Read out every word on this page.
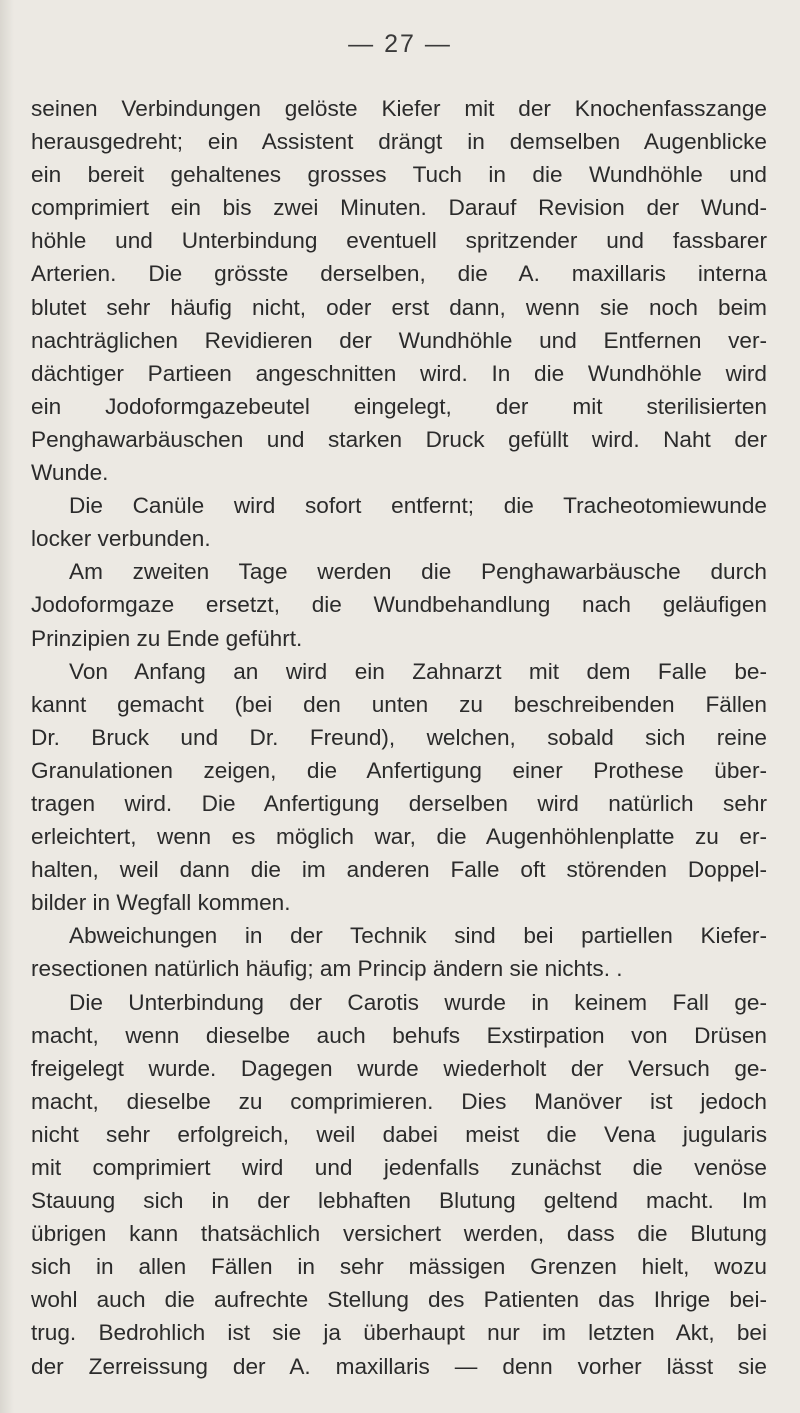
— 27 —
seinen Verbindungen gelöste Kiefer mit der Knochenfasszange
herausgedreht; ein Assistent drängt in demselben Augenblicke
ein bereit gehaltenes grosses Tuch in die Wundhöhle und
comprimiert ein bis zwei Minuten. Darauf Revision der Wund-
höhle und Unterbindung eventuell spritzender und fassbarer
Arterien. Die grösste derselben, die A. maxillaris interna
blutet sehr häufig nicht, oder erst dann, wenn sie noch beim
nachträglichen Revidieren der Wundhöhle und Entfernen ver-
dächtiger Partieen angeschnitten wird. In die Wundhöhle wird
ein Jodoformgazebeutel eingelegt, der mit sterilisierten
Penghawarbäuschen und starken Druck gefüllt wird. Naht der
Wunde.
Die Canüle wird sofort entfernt; die Tracheotomiewunde
locker verbunden.
Am zweiten Tage werden die Penghawarbäusche durch
Jodoformgaze ersetzt, die Wundbehandlung nach geläufigen
Prinzipien zu Ende geführt.
Von Anfang an wird ein Zahnarzt mit dem Falle be-
kannt gemacht (bei den unten zu beschreibenden Fällen
Dr. Bruck und Dr. Freund), welchen, sobald sich reine
Granulationen zeigen, die Anfertigung einer Prothese über-
tragen wird. Die Anfertigung derselben wird natürlich sehr
erleichtert, wenn es möglich war, die Augenhöhlenplatte zu er-
halten, weil dann die im anderen Falle oft störenden Doppel-
bilder in Wegfall kommen.
Abweichungen in der Technik sind bei partiellen Kiefer-
resectionen natürlich häufig; am Princip ändern sie nichts. .
Die Unterbindung der Carotis wurde in keinem Fall ge-
macht, wenn dieselbe auch behufs Exstirpation von Drüsen
freigelegt wurde. Dagegen wurde wiederholt der Versuch ge-
macht, dieselbe zu comprimieren. Dies Manöver ist jedoch
nicht sehr erfolgreich, weil dabei meist die Vena jugularis
mit comprimiert wird und jedenfalls zunächst die venöse
Stauung sich in der lebhaften Blutung geltend macht. Im
übrigen kann thatsächlich versichert werden, dass die Blutung
sich in allen Fällen in sehr mässigen Grenzen hielt, wozu
wohl auch die aufrechte Stellung des Patienten das Ihrige bei-
trug. Bedrohlich ist sie ja überhaupt nur im letzten Akt, bei
der Zerreissung der A. maxillaris — denn vorher lässt sie
